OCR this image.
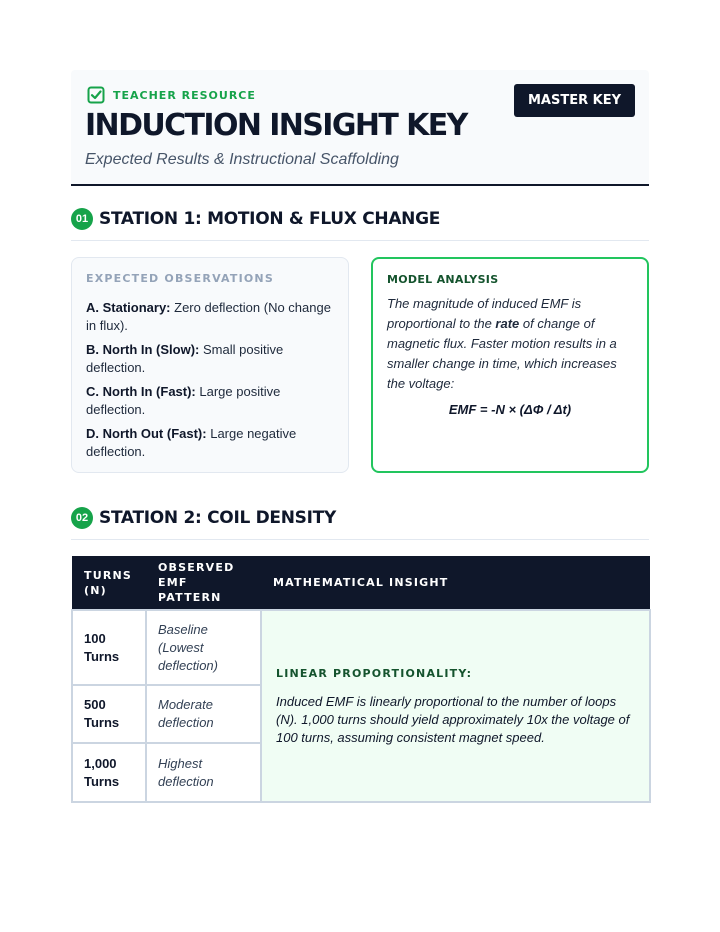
TEACHER RESOURCE
INDUCTION INSIGHT KEY
Expected Results & Instructional Scaffolding
MASTER KEY
01 STATION 1: MOTION & FLUX CHANGE
EXPECTED OBSERVATIONS
A. Stationary: Zero deflection (No change in flux).
B. North In (Slow): Small positive deflection.
C. North In (Fast): Large positive deflection.
D. North Out (Fast): Large negative deflection.
MODEL ANALYSIS
The magnitude of induced EMF is proportional to the rate of change of magnetic flux. Faster motion results in a smaller change in time, which increases the voltage:
EMF = -N × (ΔΦ / Δt)
02 STATION 2: COIL DENSITY
TURNS (N)	OBSERVED EMF PATTERN	MATHEMATICAL INSIGHT
100 Turns	Baseline (Lowest deflection)	LINEAR PROPORTIONALITY:
Induced EMF is linearly proportional to the number of loops (N). 1,000 turns should yield approximately 10x the voltage of 100 turns, assuming consistent magnet speed.

500 Turns	Moderate deflection	
1,000 Turns	Highest deflection	
